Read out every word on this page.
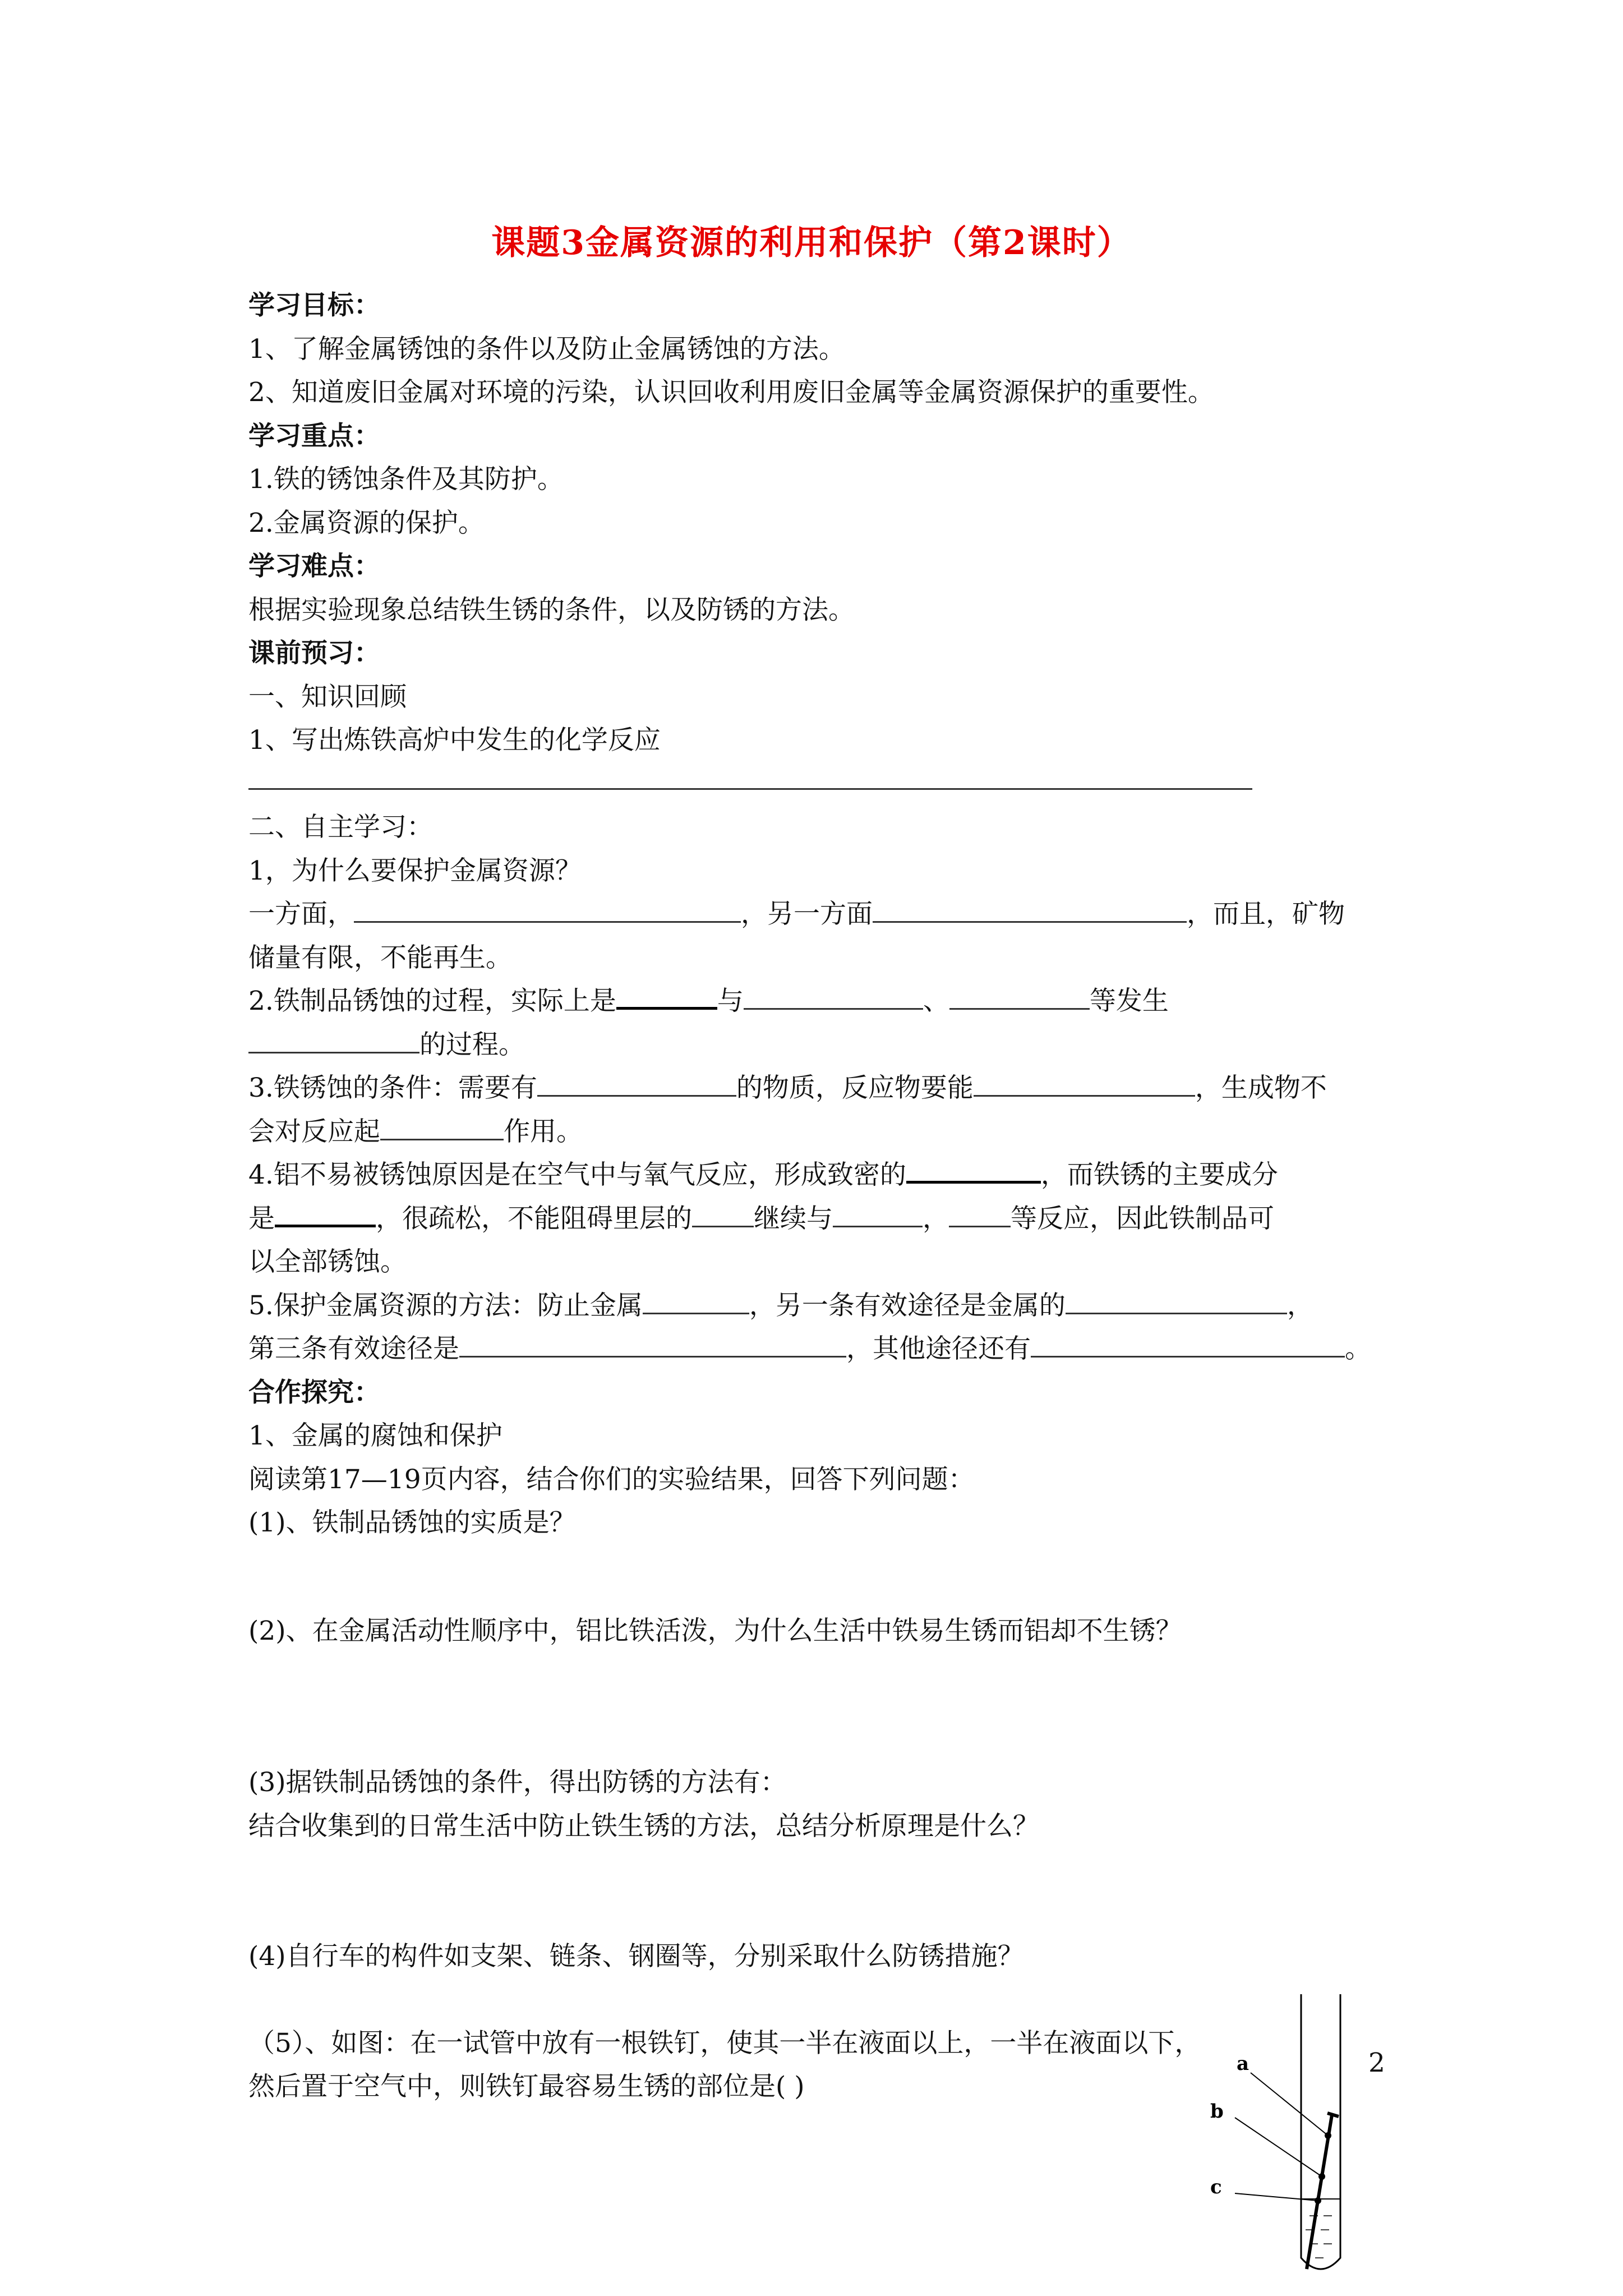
课题3金属资源的利用和保护（第2课时）
学习目标：
1、了解金属锈蚀的条件以及防止金属锈蚀的方法。
2、知道废旧金属对环境的污染，认识回收利用废旧金属等金属资源保护的重要性。
学习重点：
1.铁的锈蚀条件及其防护。
2.金属资源的保护。
学习难点：
根据实验现象总结铁生锈的条件，以及防锈的方法。
课前预习：
一、知识回顾
1、写出炼铁高炉中发生的化学反应
二、自主学习：
1，为什么要保护金属资源？
一方面，	，另一方面	，而且，矿物
储量有限，不能再生。
2.铁制品锈蚀的过程，实际上是	与	、	等发生
的过程。
3.铁锈蚀的条件：需要有	的物质，反应物要能	，生成物不
会对反应起	作用。
4.铝不易被锈蚀原因是在空气中与氧气反应，形成致密的	，而铁锈的主要成分
是	，很疏松，不能阻碍里层的 继续与	， 等反应，因此铁制品可
以全部锈蚀。
5.保护金属资源的方法：防止金属	，另一条有效途径是金属的	，
第三条有效途径是	，其他途径还有	。
合作探究：
1、金属的腐蚀和保护
阅读第17—19页内容，结合你们的实验结果，回答下列问题：
(1)、铁制品锈蚀的实质是？
(2)、在金属活动性顺序中，铝比铁活泼，为什么生活中铁易生锈而铝却不生锈？
(3)据铁制品锈蚀的条件，得出防锈的方法有：
结合收集到的日常生活中防止铁生锈的方法，总结分析原理是什么？
(4)自行车的构件如支架、链条、钢圈等，分别采取什么防锈措施？
（5）、如图：在一试管中放有一根铁钉，使其一半在液面以上，一半在液面以下，
然后置于空气中，则铁钉最容易生锈的部位是( )
a
b
c
2
